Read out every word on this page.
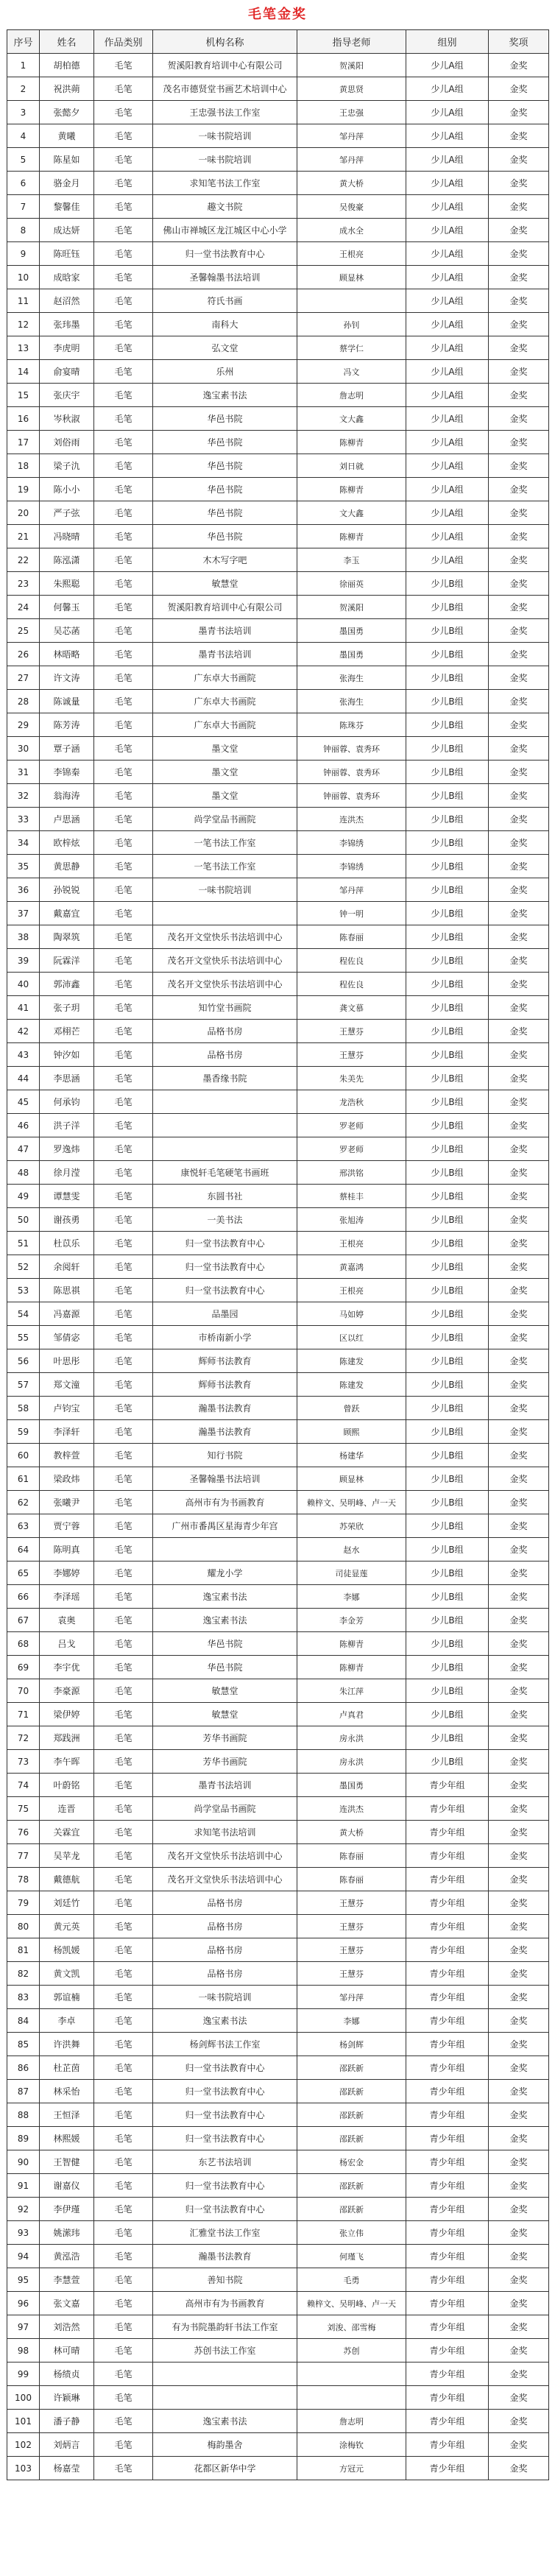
毛笔金奖
序号	姓名	作品类别	机构名称	指导老师	组别	奖项
1	胡柏德	毛笔	贺溪阳教育培训中心有限公司	贺溪阳	少儿A组	金奖
2	祝洪蒴	毛笔	茂名市德贤堂书画艺术培训中心	黄思贤	少儿A组	金奖
3	张懿夕	毛笔	王忠强书法工作室	王忠强	少儿A组	金奖
4	黄曦	毛笔	一味书院培训	邹丹萍	少儿A组	金奖
5	陈星如	毛笔	一味书院培训	邹丹萍	少儿A组	金奖
6	骆金月	毛笔	求知笔书法工作室	黄大桥	少儿A组	金奖
7	黎馨佳	毛笔	趣文书院	吴俊豪	少儿A组	金奖
8	成达妍	毛笔	佛山市禅城区龙江城区中心小学	成水全	少儿A组	金奖
9	陈旺钰	毛笔	归一堂书法教育中心	王根亮	少儿A组	金奖
10	成晗家	毛笔	圣馨翰墨书法培训	顾显林	少儿A组	金奖
11	赵沼然	毛笔	符氏书画		少儿A组	金奖
12	张玮墨	毛笔	南科大	孙钊	少儿A组	金奖
13	李虎明	毛笔	弘文堂	蔡学仁	少儿A组	金奖
14	俞宴晴	毛笔	乐州	冯文	少儿A组	金奖
15	张庆宇	毛笔	逸宝素书法	詹志明	少儿A组	金奖
16	岑秋淑	毛笔	华邑书院	文大鑫	少儿A组	金奖
17	刘俗雨	毛笔	华邑书院	陈柳青	少儿A组	金奖
18	梁子氿	毛笔	华邑书院	刘日就	少儿A组	金奖
19	陈小小	毛笔	华邑书院	陈柳青	少儿A组	金奖
20	严子弦	毛笔	华邑书院	文大鑫	少儿A组	金奖
21	冯晓晴	毛笔	华邑书院	陈柳青	少儿A组	金奖
22	陈泓潇	毛笔	木木写字吧	李玉	少儿A组	金奖
23	朱熙聪	毛笔	敏慧堂	徐丽英	少儿B组	金奖
24	何馨玉	毛笔	贺溪阳教育培训中心有限公司	贺溪阳	少儿B组	金奖
25	吴芯菡	毛笔	墨青书法培训	墨国勇	少儿B组	金奖
26	林晤略	毛笔	墨青书法培训	墨国勇	少儿B组	金奖
27	许文涛	毛笔	广东卓大书画院	张海生	少儿B组	金奖
28	陈诚量	毛笔	广东卓大书画院	张海生	少儿B组	金奖
29	陈芳涛	毛笔	广东卓大书画院	陈珠芬	少儿B组	金奖
30	覃子涵	毛笔	墨文堂	钟丽蓉、袁秀环	少儿B组	金奖
31	李锦秦	毛笔	墨文堂	钟丽蓉、袁秀环	少儿B组	金奖
32	翁海涛	毛笔	墨文堂	钟丽蓉、袁秀环	少儿B组	金奖
33	卢思涵	毛笔	尚学堂品书画院	连洪杰	少儿B组	金奖
34	欧梓炫	毛笔	一笔书法工作室	李锦绣	少儿B组	金奖
35	黄思静	毛笔	一笔书法工作室	李锦绣	少儿B组	金奖
36	孙锐锐	毛笔	一味书院培训	邹丹萍	少儿B组	金奖
37	戴嘉宜	毛笔		钟一明	少儿B组	金奖
38	陶翠筑	毛笔	茂名开文堂快乐书法培训中心	陈春丽	少儿B组	金奖
39	阮霖洋	毛笔	茂名开文堂快乐书法培训中心	程佐良	少儿B组	金奖
40	郭沛鑫	毛笔	茂名开文堂快乐书法培训中心	程佐良	少儿B组	金奖
41	张子玥	毛笔	知竹堂书画院	龚文慕	少儿B组	金奖
42	邓栩芒	毛笔	品格书房	王慧芬	少儿B组	金奖
43	钟汐如	毛笔	品格书房	王慧芬	少儿B组	金奖
44	李思涵	毛笔	墨香缘书院	朱美先	少儿B组	金奖
45	何承钧	毛笔		龙浩秋	少儿B组	金奖
46	洪子洋	毛笔		罗老师	少儿B组	金奖
47	罗逸炜	毛笔		罗老师	少儿B组	金奖
48	徐月滢	毛笔	康悦轩毛笔硬笔书画班	邢洪铭	少儿B组	金奖
49	谭慧雯	毛笔	东圆书社	蔡桂丰	少儿B组	金奖
50	谢孩勇	毛笔	一美书法	张旭涛	少儿B组	金奖
51	杜苡乐	毛笔	归一堂书法教育中心	王根亮	少儿B组	金奖
52	余阅轩	毛笔	归一堂书法教育中心	黄嘉鸿	少儿B组	金奖
53	陈思祺	毛笔	归一堂书法教育中心	王根亮	少儿B组	金奖
54	冯嘉源	毛笔	品墨园	马如婷	少儿B组	金奖
55	邹倩宓	毛笔	市桥南新小学	区以红	少儿B组	金奖
56	叶思彤	毛笔	辉师书法教育	陈建发	少儿B组	金奖
57	郑文潼	毛笔	辉师书法教育	陈建发	少儿B组	金奖
58	卢钧宝	毛笔	瀚墨书法教育	曾跃	少儿B组	金奖
59	李泽轩	毛笔	瀚墨书法教育	顾熙	少儿B组	金奖
60	教梓萱	毛笔	知行书院	杨建华	少儿B组	金奖
61	梁政炜	毛笔	圣馨翰墨书法培训	顾显林	少儿B组	金奖
62	张曦尹	毛笔	高州市有为书画教育	赖梓文、吴明峰、卢一天	少儿B组	金奖
63	贾宁蓉	毛笔	广州市番禺区星海青少年宫	苏荣欣	少儿B组	金奖
64	陈明真	毛笔		赵水	少儿B组	金奖
65	李娜婷	毛笔	耀龙小学	司徒显莲	少儿B组	金奖
66	李泽瑶	毛笔	逸宝素书法	李娜	少儿B组	金奖
67	袁奥	毛笔	逸宝素书法	李金芳	少儿B组	金奖
68	吕戈	毛笔	华邑书院	陈柳青	少儿B组	金奖
69	李宇优	毛笔	华邑书院	陈柳青	少儿B组	金奖
70	李豪源	毛笔	敏慧堂	朱江萍	少儿B组	金奖
71	梁伊婷	毛笔	敏慧堂	卢真君	少儿B组	金奖
72	郑践洲	毛笔	芳华书画院	房永洪	少儿B组	金奖
73	李午晖	毛笔	芳华书画院	房永洪	少儿B组	金奖
74	叶蔚铭	毛笔	墨青书法培训	墨国勇	青少年组	金奖
75	连晋	毛笔	尚学堂品书画院	连洪杰	青少年组	金奖
76	关霖宜	毛笔	求知笔书法培训	黄大桥	青少年组	金奖
77	吴苹龙	毛笔	茂名开文堂快乐书法培训中心	陈春丽	青少年组	金奖
78	戴德航	毛笔	茂名开文堂快乐书法培训中心	陈春丽	青少年组	金奖
79	刘廷竹	毛笔	品格书房	王慧芬	青少年组	金奖
80	黄元英	毛笔	品格书房	王慧芬	青少年组	金奖
81	杨凯媛	毛笔	品格书房	王慧芬	青少年组	金奖
82	黄文凯	毛笔	品格书房	王慧芬	青少年组	金奖
83	郭谊楠	毛笔	一味书院培训	邹丹萍	青少年组	金奖
84	李卓	毛笔	逸宝素书法	李娜	青少年组	金奖
85	许洪舞	毛笔	杨剑辉书法工作室	杨剑辉	青少年组	金奖
86	杜芷茵	毛笔	归一堂书法教育中心	邵跃新	青少年组	金奖
87	林采怡	毛笔	归一堂书法教育中心	邵跃新	青少年组	金奖
88	王恒泽	毛笔	归一堂书法教育中心	邵跃新	青少年组	金奖
89	林熙媛	毛笔	归一堂书法教育中心	邵跃新	青少年组	金奖
90	王智健	毛笔	东艺书法培训	杨宏金	青少年组	金奖
91	谢嘉仪	毛笔	归一堂书法教育中心	邵跃新	青少年组	金奖
92	李伊瑾	毛笔	归一堂书法教育中心	邵跃新	青少年组	金奖
93	姚潆玮	毛笔	汇雅堂书法工作室	张立伟	青少年组	金奖
94	黄泓浩	毛笔	瀚墨书法教育	何瑾飞	青少年组	金奖
95	李慧萱	毛笔	善知书院	毛勇	青少年组	金奖
96	张文嘉	毛笔	高州市有为书画教育	赖梓文、吴明峰、卢一天	青少年组	金奖
97	刘浩然	毛笔	有为书院墨韵轩书法工作室	刘浚、邵雪梅	青少年组	金奖
98	林可晴	毛笔	苏创书法工作室	苏创	青少年组	金奖
99	杨绩贞	毛笔			青少年组	金奖
100	许颖琳	毛笔			青少年组	金奖
101	潘子静	毛笔	逸宝素书法	詹志明	青少年组	金奖
102	刘炳言	毛笔	梅韵墨舍	涂梅钦	青少年组	金奖
103	杨嘉莹	毛笔	花都区新华中学	方冠元	青少年组	金奖
